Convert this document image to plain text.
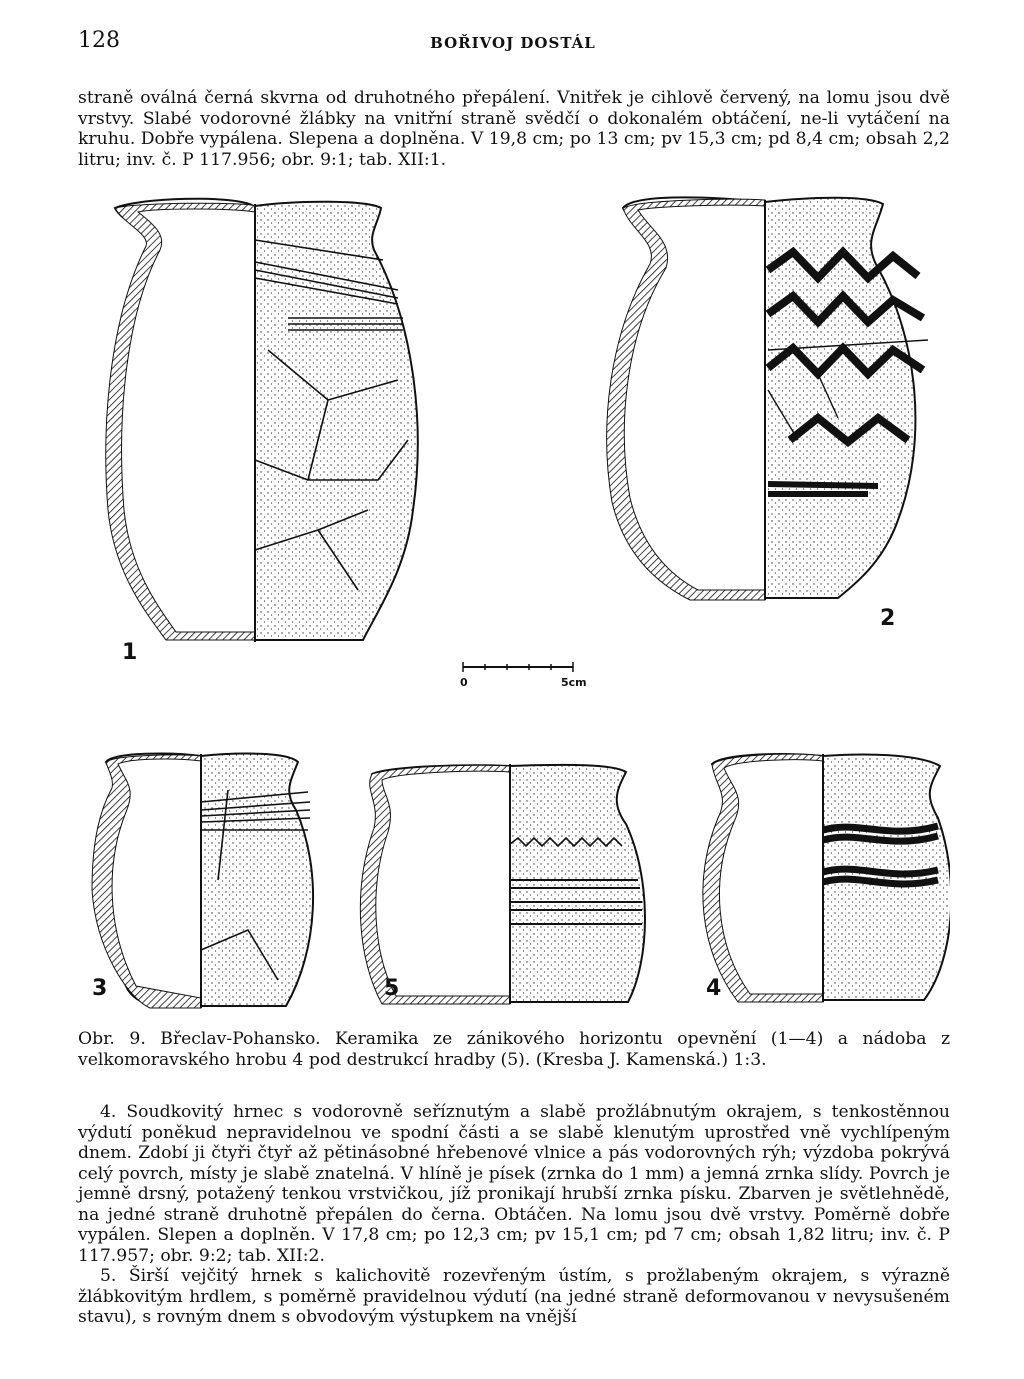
128	BOŘIVOJ DOSTÁL

straně oválná černá skvrna od druhotného přepálení. Vnitřek je cihlově červený, na lomu jsou dvě vrstvy. Slabé vodorovné žlábky na vnitřní straně svědčí o dokonalém obtáčení, ne-li vytáčení na kruhu. Dobře vypálena. Slepena a doplněna. V 19,8 cm; po 13 cm; pv 15,3 cm; pd 8,4 cm; obsah 2,2 litru; inv. č. P 117.956; obr. 9:1; tab. XII:1.

1
2
3	5	4
0	5cm

Obr. 9. Břeclav-Pohansko. Keramika ze zánikového horizontu opevnění (1—4) a nádoba z velkomoravského hrobu 4 pod destrukcí hradby (5). (Kresba J. Kamenská.) 1:3.

4. Soudkovitý hrnec s vodorovně seříznutým a slabě prožlábnutým okrajem, s tenkostěnnou výdutí poněkud nepravidelnou ve spodní části a se slabě klenutým uprostřed vně vychlípeným dnem. Zdobí ji čtyři čtyř až pětinásobné hřebenové vlnice a pás vodorovných rýh; výzdoba pokrývá celý povrch, místy je slabě znatelná. V hlíně je písek (zrnka do 1 mm) a jemná zrnka slídy. Povrch je jemně drsný, potažený tenkou vrstvičkou, jíž pronikají hrubší zrnka písku. Zbarven je světlehnědě, na jedné straně druhotně přepálen do černa. Obtáčen. Na lomu jsou dvě vrstvy. Poměrně dobře vypálen. Slepen a doplněn. V 17,8 cm; po 12,3 cm; pv 15,1 cm; pd 7 cm; obsah 1,82 litru; inv. č. P 117.957; obr. 9:2; tab. XII:2.

5. Širší vejčitý hrnek s kalichovitě rozevřeným ústím, s prožlabeným okrajem, s výrazně žlábkovitým hrdlem, s poměrně pravidelnou výdutí (na jedné straně deformovanou v nevysušeném stavu), s rovným dnem s obvodovým výstupkem na vnější
